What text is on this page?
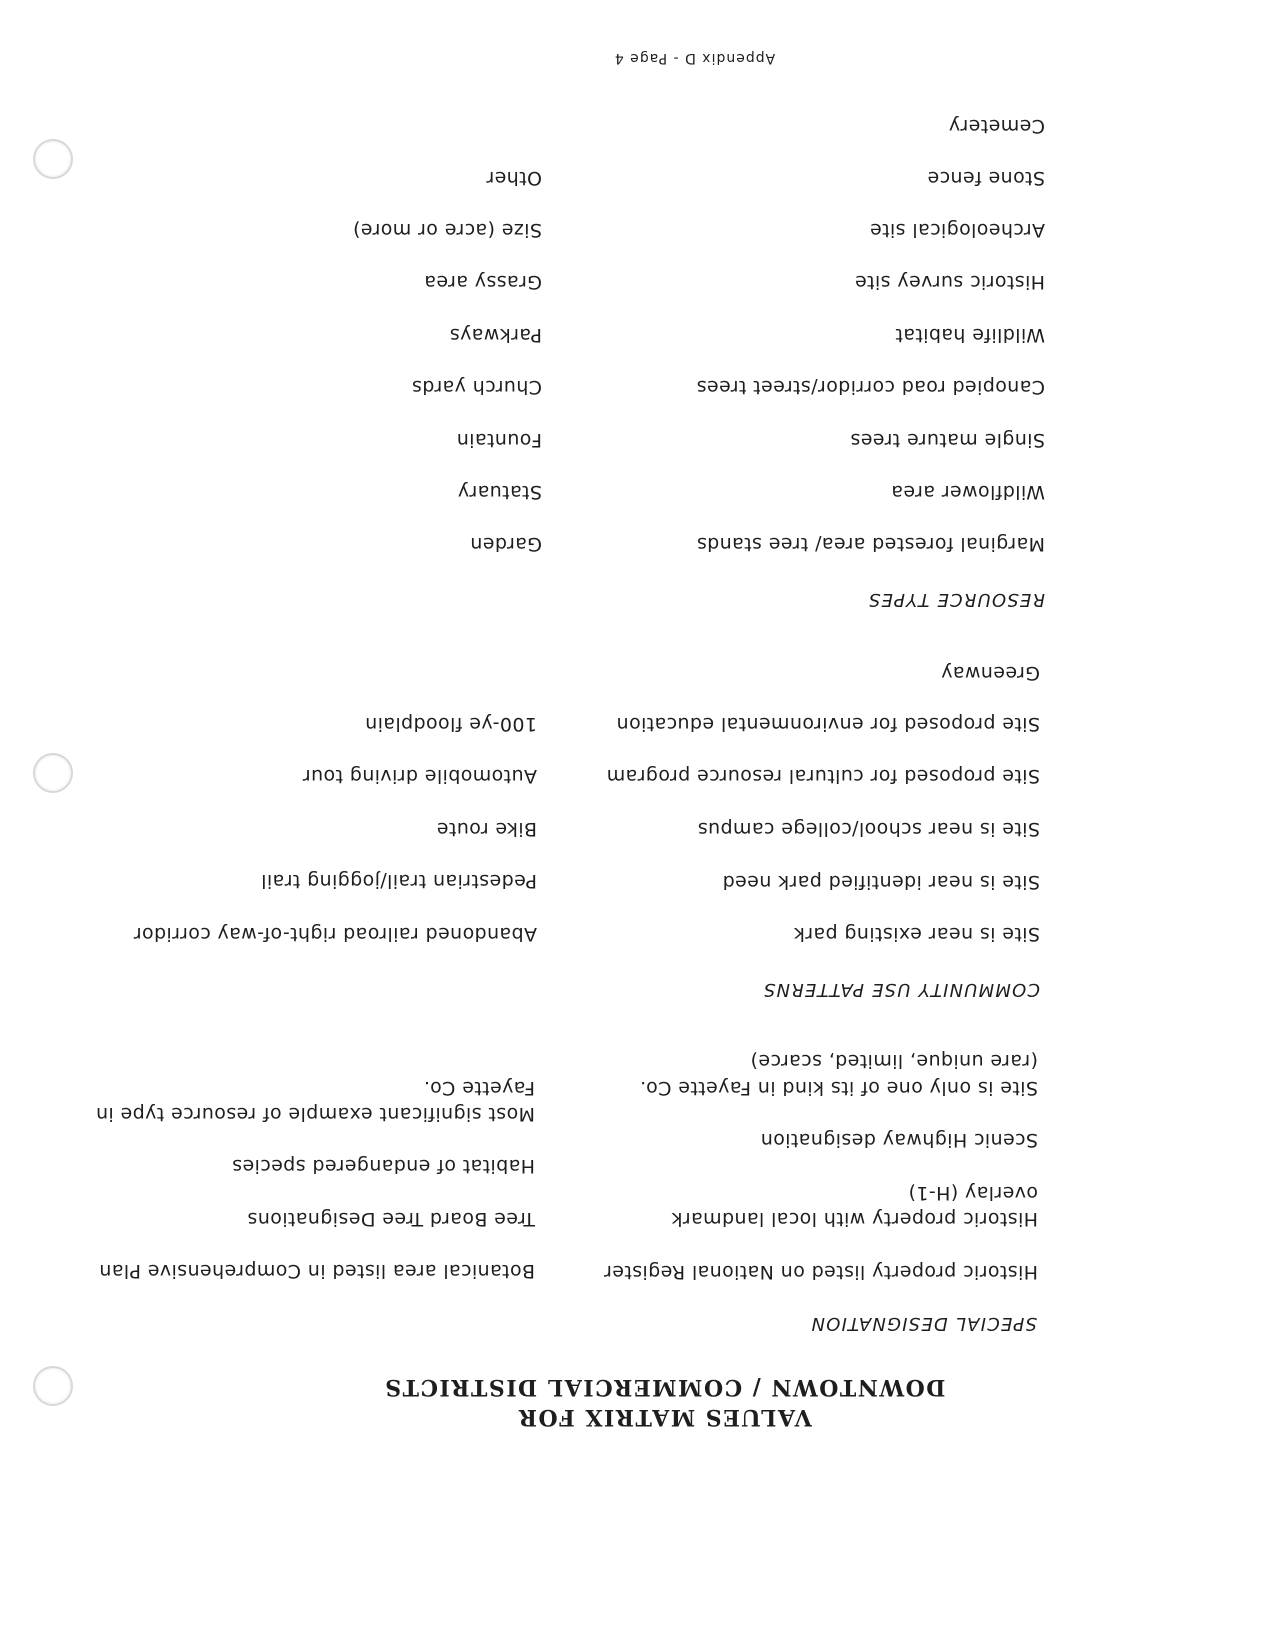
VALUES MATRIX FOR
DOWNTOWN / COMMERCIAL DISTRICTS
SPECIAL DESIGNATION
Historic property listed on National Register
Historic property with local landmark
overlay (H-1)
Scenic Highway designation
Site is only one of its kind in Fayette Co.
(rare unique, limited, scarce)
Botanical area listed in Comprehensive Plan
Tree Board Tree Designations
Habitat of endangered species
Most significant example of resource type in
Fayette Co.
COMMUNITY USE PATTERNS
Site is near existing park
Site is near identified park need
Site is near school/college campus
Site proposed for cultural resource program
Site proposed for environmental education
Greenway
Abandoned railroad right-of-way corridor
Pedestrian trail/jogging trail
Bike route
Automobile driving tour
100-ye floodplain
RESOURCE TYPES
Marginal forested area/ tree stands
Wildflower area
Single mature trees
Canopied road corridor/street trees
Wildlife habitat
Historic survey site
Archeological site
Stone fence
Cemetery
Garden
Statuary
Fountain
Church yards
Parkways
Grassy area
Size (acre or more)
Other
Appendix D - Page 4
